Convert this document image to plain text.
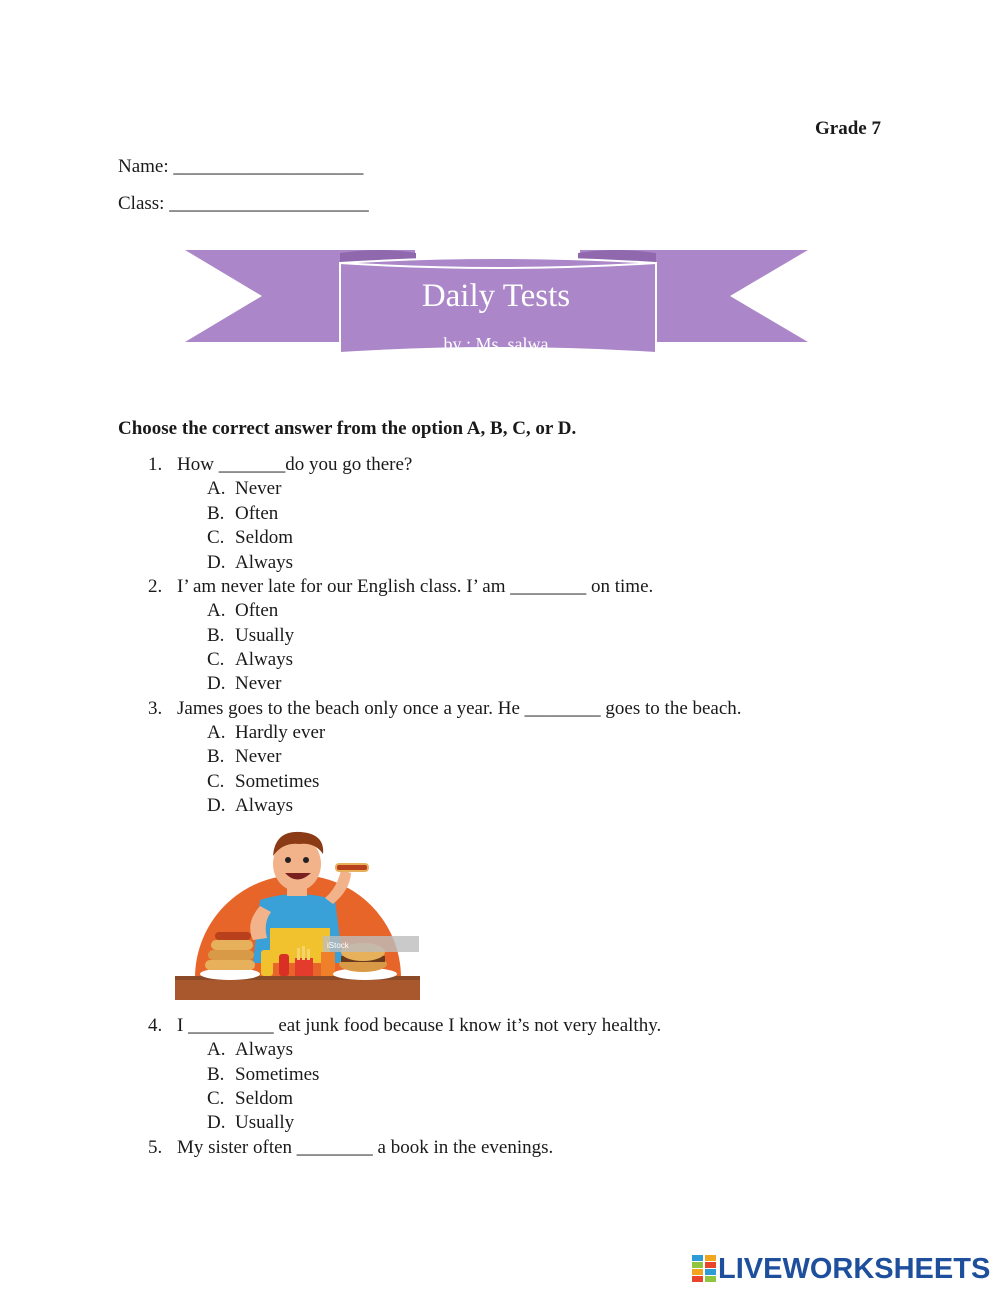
Grade 7
Name: ____________________
Class: _____________________
Daily Tests
by : Ms. salwa
Choose the correct answer from the option A, B, C, or D.
1. How _______do you go there?
A. Never
B. Often
C. Seldom
D. Always
2. I’ am never late for our English class. I’ am ________ on time.
A. Often
B. Usually
C. Always
D. Never
3. James goes to the beach only once a year. He ________ goes to the beach.
A. Hardly ever
B. Never
C. Sometimes
D. Always
iStock
4. I _________ eat junk food because I know it’s not very healthy.
A. Always
B. Sometimes
C. Seldom
D. Usually
5. My sister often ________ a book in the evenings.
LIVEWORKSHEETS
